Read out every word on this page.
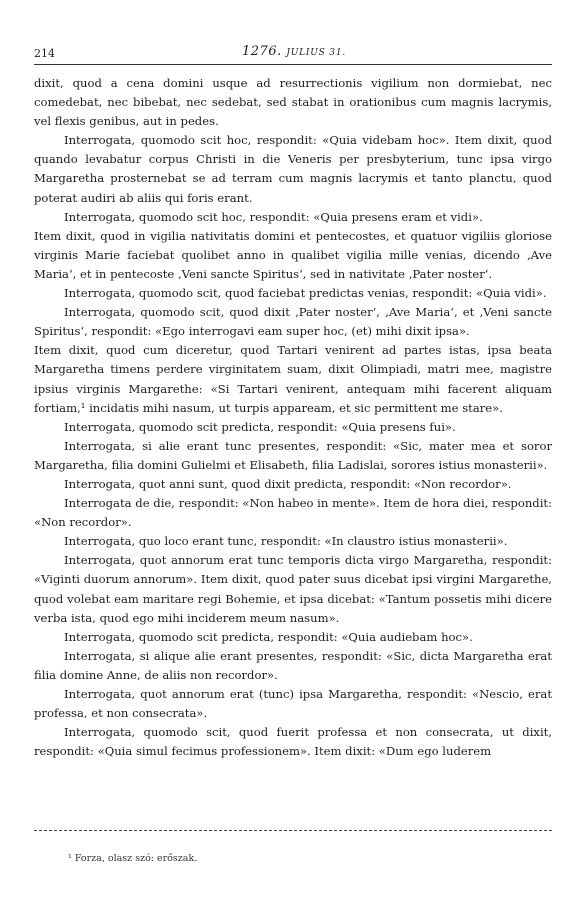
214	1276. JULIUS 31.

dixit, quod a cena domini usque ad resurrectionis vigilium non dormiebat, nec comedebat, nec bibebat, nec sedebat, sed stabat in orationibus cum magnis lacrymis, vel flexis genibus, aut in pedes.

Interrogata, quomodo scit hoc, respondit: «Quia videbam hoc». Item dixit, quod quando levabatur corpus Christi in die Veneris per presbyterium, tunc ipsa virgo Margaretha prosternebat se ad terram cum magnis lacrymis et tanto planctu, quod poterat audiri ab aliis qui foris erant.

Interrogata, quomodo scit hoc, respondit: «Quia presens eram et vidi».

Item dixit, quod in vigilia nativitatis domini et pentecostes, et quatuor vigiliis gloriose virginis Marie faciebat quolibet anno in qualibet vigilia mille venias, dicendo ‚Ave Maria‘, et in pentecoste ‚Veni sancte Spiritus‘, sed in nativitate ‚Pater noster‘.

Interrogata, quomodo scit, quod faciebat predictas venias, respondit: «Quia vidi».

Interrogata, quomodo scit, quod dixit ‚Pater noster‘, ‚Ave Maria‘, et ‚Veni sancte Spiritus‘, respondit: «Ego interrogavi eam super hoc, (et) mihi dixit ipsa».

Item dixit, quod cum diceretur, quod Tartari venirent ad partes istas, ipsa beata Margaretha timens perdere virginitatem suam, dixit Olimpiadi, matri mee, magistre ipsius virginis Margarethe: «Si Tartari venirent, antequam mihi facerent aliquam fortiam,¹ incidatis mihi nasum, ut turpis appaream, et sic permittent me stare».

Interrogata, quomodo scit predicta, respondit: «Quia presens fui».

Interrogata, si alie erant tunc presentes, respondit: «Sic, mater mea et soror Margaretha, filia domini Gulielmi et Elisabeth, filia Ladislai, sorores istius monasterii».

Interrogata, quot anni sunt, quod dixit predicta, respondit: «Non recordor».

Interrogata de die, respondit: «Non habeo in mente». Item de hora diei, respondit: «Non recordor».

Interrogata, quo loco erant tunc, respondit: «In claustro istius monasterii».

Interrogata, quot annorum erat tunc temporis dicta virgo Margaretha, respondit: «Viginti duorum annorum». Item dixit, quod pater suus dicebat ipsi virgini Margarethe, quod volebat eam maritare regi Bohemie, et ipsa dicebat: «Tantum possetis mihi dicere verba ista, quod ego mihi inciderem meum nasum».

Interrogata, quomodo scit predicta, respondit: «Quia audiebam hoc».

Interrogata, si alique alie erant presentes, respondit: «Sic, dicta Margaretha erat filia domine Anne, de aliis non recordor».

Interrogata, quot annorum erat (tunc) ipsa Margaretha, respondit: «Nescio, erat professa, et non consecrata».

Interrogata, quomodo scit, quod fuerit professa et non consecrata, ut dixit, respondit: «Quia simul fecimus professionem». Item dixit: «Dum ego luderem

¹ Forza, olasz szó: erőszak.
